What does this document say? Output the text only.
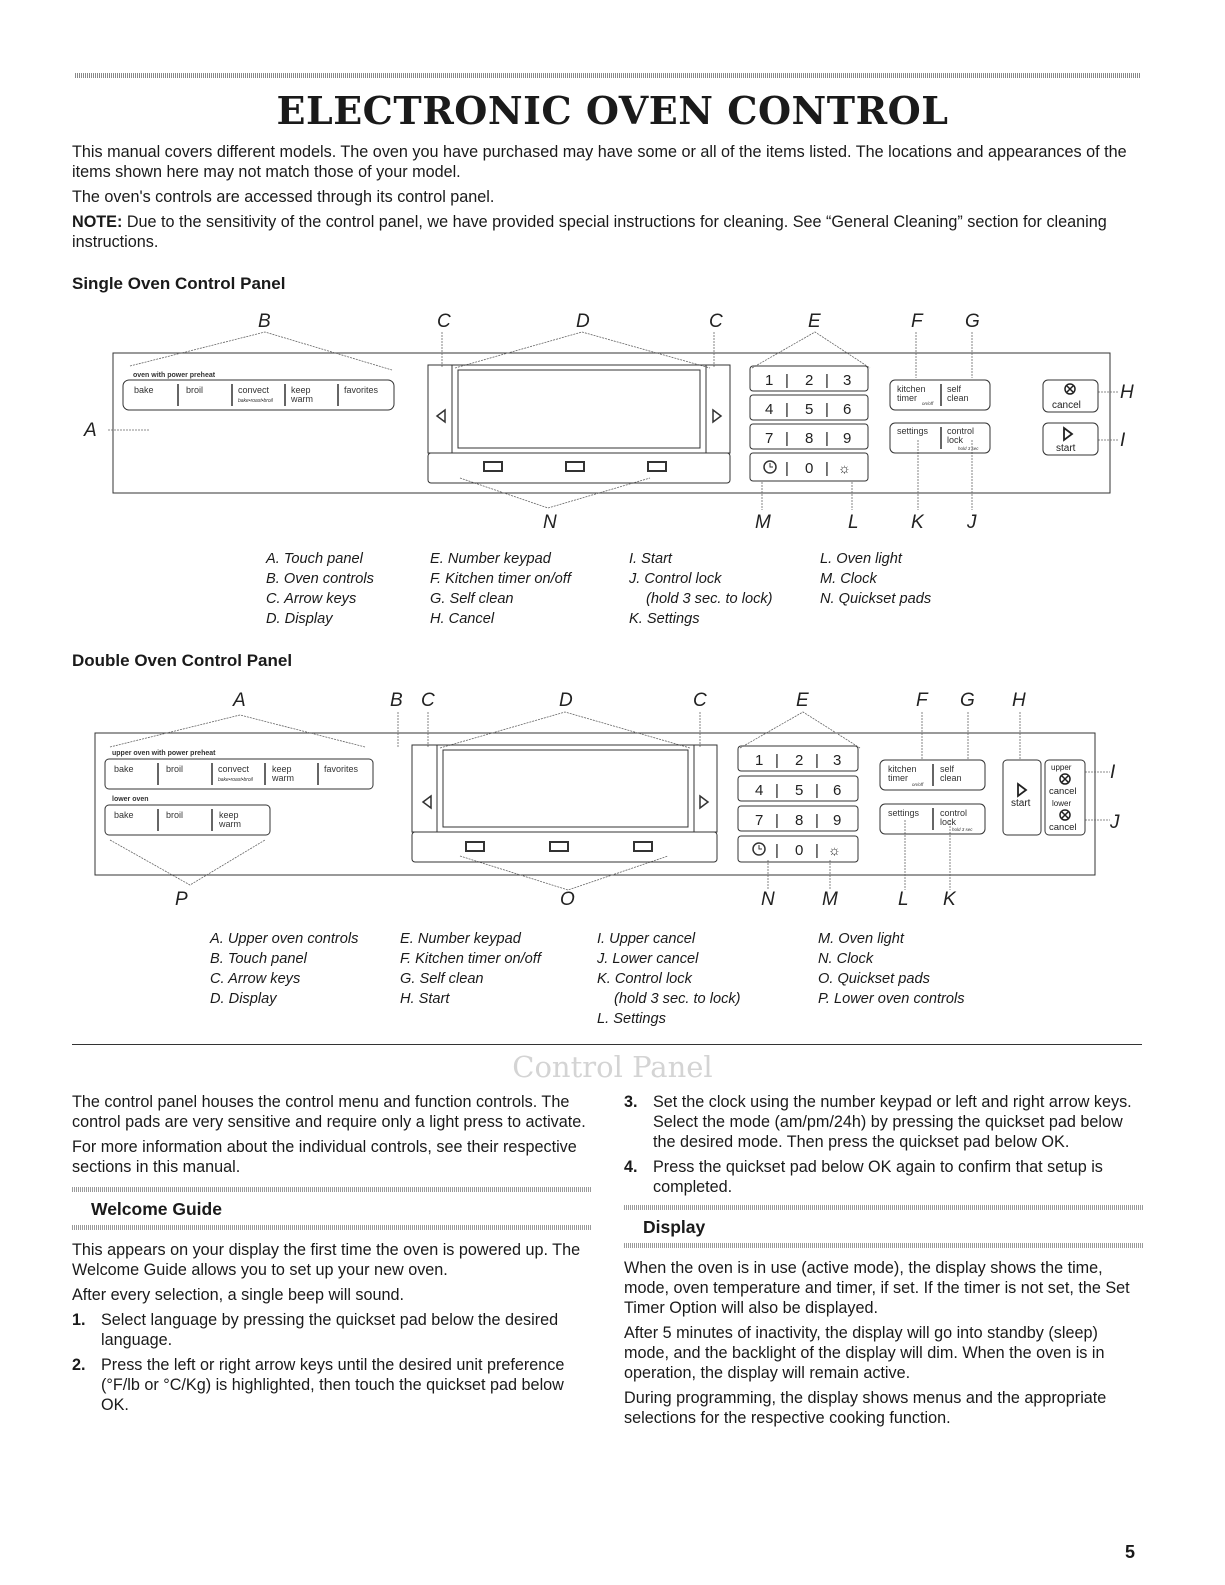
ELECTRONIC OVEN CONTROL

This manual covers different models. The oven you have purchased may have some or all of the items listed. The locations and appearances of the items shown here may not match those of your model.

The oven's controls are accessed through its control panel.

NOTE: Due to the sensitivity of the control panel, we have provided special instructions for cleaning. See “General Cleaning” section for cleaning instructions.

Single Oven Control Panel
oven with power preheat
bake	broil	convect
bake•roast•broil
keep
warm
favorites
1 | 2 | 3
4 | 5 | 6
7 | 8 | 9
| 0 | ☼
kitchen
timer
on/off
self
clean
settings control
lock
hold 3 sec
cancel
start
B	C	D	C	E	F G
A
H
I
N	M	L	K J
A. Touch panel
B. Oven controls
C. Arrow keys
D. Display
E. Number keypad
F. Kitchen timer on/off
G. Self clean
H. Cancel
I. Start
J. Control lock
(hold 3 sec. to lock)
K. Settings
L. Oven light
M. Clock
N. Quickset pads
Double Oven Control Panel
upper oven with power preheat
bake	broil	convect
bake•roast•broil
keep
warm
favorites
lower oven
bake	broil	keep
warm
1 | 2 | 3
4 | 5 | 6
7 | 8 | 9
| 0 | ☼
kitchen
timer
on/off
self
clean
settings control
lock
hold 3 sec
start
upper
cancel
lower
cancel
A	B C	D	C	E	F G H
I
J
P	O	N M	L K
A. Upper oven controls
B. Touch panel
C. Arrow keys
D. Display
E. Number keypad
F. Kitchen timer on/off
G. Self clean
H. Start
I. Upper cancel
J. Lower cancel
K. Control lock
(hold 3 sec. to lock)
L. Settings
M. Oven light
N. Clock
O. Quickset pads
P. Lower oven controls
Control Panel

The control panel houses the control menu and function controls. The control pads are very sensitive and require only a light press to activate.

For more information about the individual controls, see their respective sections in this manual.

Welcome Guide

This appears on your display the first time the oven is powered up. The Welcome Guide allows you to set up your new oven.

After every selection, a single beep will sound.

1. Select language by pressing the quickset pad below the desired language.
2. Press the left or right arrow keys until the desired unit preference (°F/lb or °C/Kg) is highlighted, then touch the quickset pad below OK.
3. Set the clock using the number keypad or left and right arrow keys. Select the mode (am/pm/24h) by pressing the quickset pad below the desired mode. Then press the quickset pad below OK.
4. Press the quickset pad below OK again to confirm that setup is completed.
Display

When the oven is in use (active mode), the display shows the time, mode, oven temperature and timer, if set. If the timer is not set, the Set Timer Option will also be displayed.

After 5 minutes of inactivity, the display will go into standby (sleep) mode, and the backlight of the display will dim. When the oven is in operation, the display will remain active.

During programming, the display shows menus and the appropriate selections for the respective cooking function.

5
